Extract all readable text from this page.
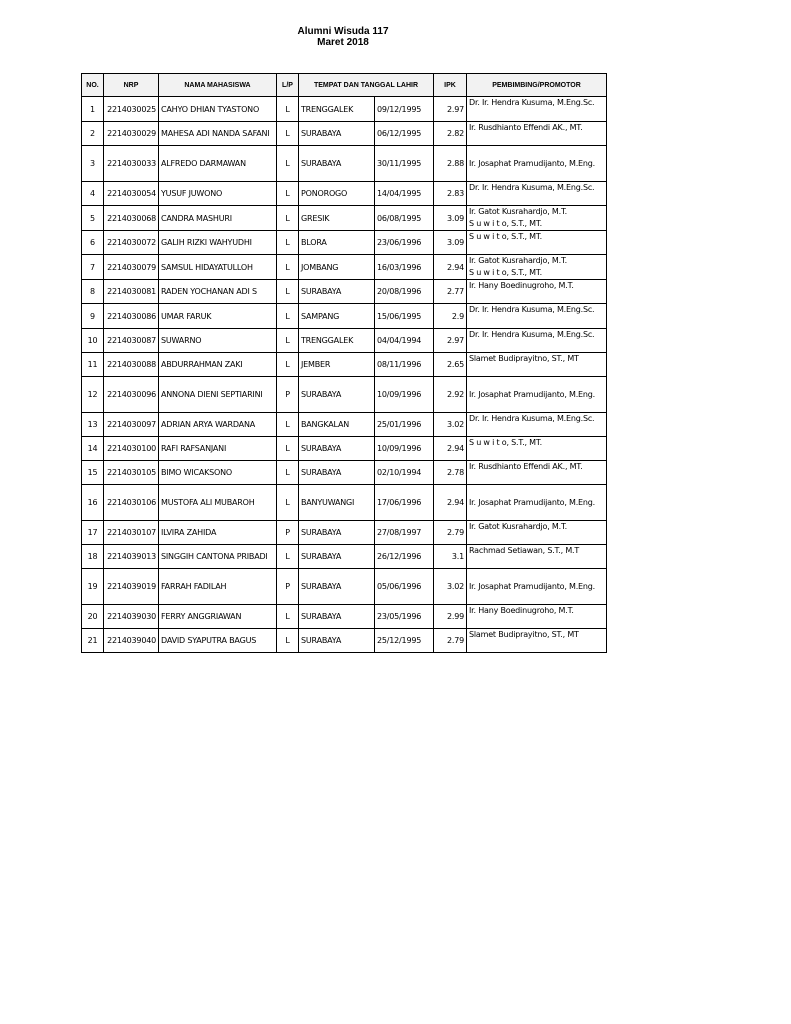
Alumni Wisuda 117
Maret 2018
NO.	NRP	NAMA MAHASISWA	L/P	TEMPAT DAN TANGGAL LAHIR		IPK	PEMBIMBING/PROMOTOR
1	2214030025	CAHYO DHIAN TYASTONO	L	TRENGGALEK	09/12/1995	2.97	Dr. Ir. Hendra Kusuma, M.Eng.Sc.

2	2214030029	MAHESA ADI NANDA SAFANI	L	SURABAYA	06/12/1995	2.82	Ir. Rusdhianto Effendi AK., MT.

3	2214030033	ALFREDO DARMAWAN	L	SURABAYA	30/11/1995	2.88	Ir. Josaphat Pramudijanto, M.Eng.

4	2214030054	YUSUF JUWONO	L	PONOROGO	14/04/1995	2.83	Dr. Ir. Hendra Kusuma, M.Eng.Sc.

5	2214030068	CANDRA MASHURI	L	GRESIK	06/08/1995	3.09	Ir. Gatot Kusrahardjo, M.T.
S u w i t o, S.T., MT.

6	2214030072	GALIH RIZKI WAHYUDHI	L	BLORA	23/06/1996	3.09	S u w i t o, S.T., MT.

7	2214030079	SAMSUL HIDAYATULLOH	L	JOMBANG	16/03/1996	2.94	Ir. Gatot Kusrahardjo, M.T.
S u w i t o, S.T., MT.

8	2214030081	RADEN YOCHANAN ADI S	L	SURABAYA	20/08/1996	2.77	Ir. Hany Boedinugroho, M.T.

9	2214030086	UMAR FARUK	L	SAMPANG	15/06/1995	2.9	Dr. Ir. Hendra Kusuma, M.Eng.Sc.

10	2214030087	SUWARNO	L	TRENGGALEK	04/04/1994	2.97	Dr. Ir. Hendra Kusuma, M.Eng.Sc.

11	2214030088	ABDURRAHMAN ZAKI	L	JEMBER	08/11/1996	2.65	Slamet Budiprayitno, ST., MT

12	2214030096	ANNONA DIENI SEPTIARINI	P	SURABAYA	10/09/1996	2.92	Ir. Josaphat Pramudijanto, M.Eng.

13	2214030097	ADRIAN ARYA WARDANA	L	BANGKALAN	25/01/1996	3.02	Dr. Ir. Hendra Kusuma, M.Eng.Sc.

14	2214030100	RAFI RAFSANJANI	L	SURABAYA	10/09/1996	2.94	S u w i t o, S.T., MT.

15	2214030105	BIMO WICAKSONO	L	SURABAYA	02/10/1994	2.78	Ir. Rusdhianto Effendi AK., MT.

16	2214030106	MUSTOFA ALI MUBAROH	L	BANYUWANGI	17/06/1996	2.94	Ir. Josaphat Pramudijanto, M.Eng.

17	2214030107	ILVIRA ZAHIDA	P	SURABAYA	27/08/1997	2.79	Ir. Gatot Kusrahardjo, M.T.

18	2214039013	SINGGIH CANTONA PRIBADI	L	SURABAYA	26/12/1996	3.1	Rachmad Setiawan, S.T., M.T

19	2214039019	FARRAH FADILAH	P	SURABAYA	05/06/1996	3.02	Ir. Josaphat Pramudijanto, M.Eng.

20	2214039030	FERRY ANGGRIAWAN	L	SURABAYA	23/05/1996	2.99	Ir. Hany Boedinugroho, M.T.

21	2214039040	DAVID SYAPUTRA BAGUS	L	SURABAYA	25/12/1995	2.79	Slamet Budiprayitno, ST., MT
